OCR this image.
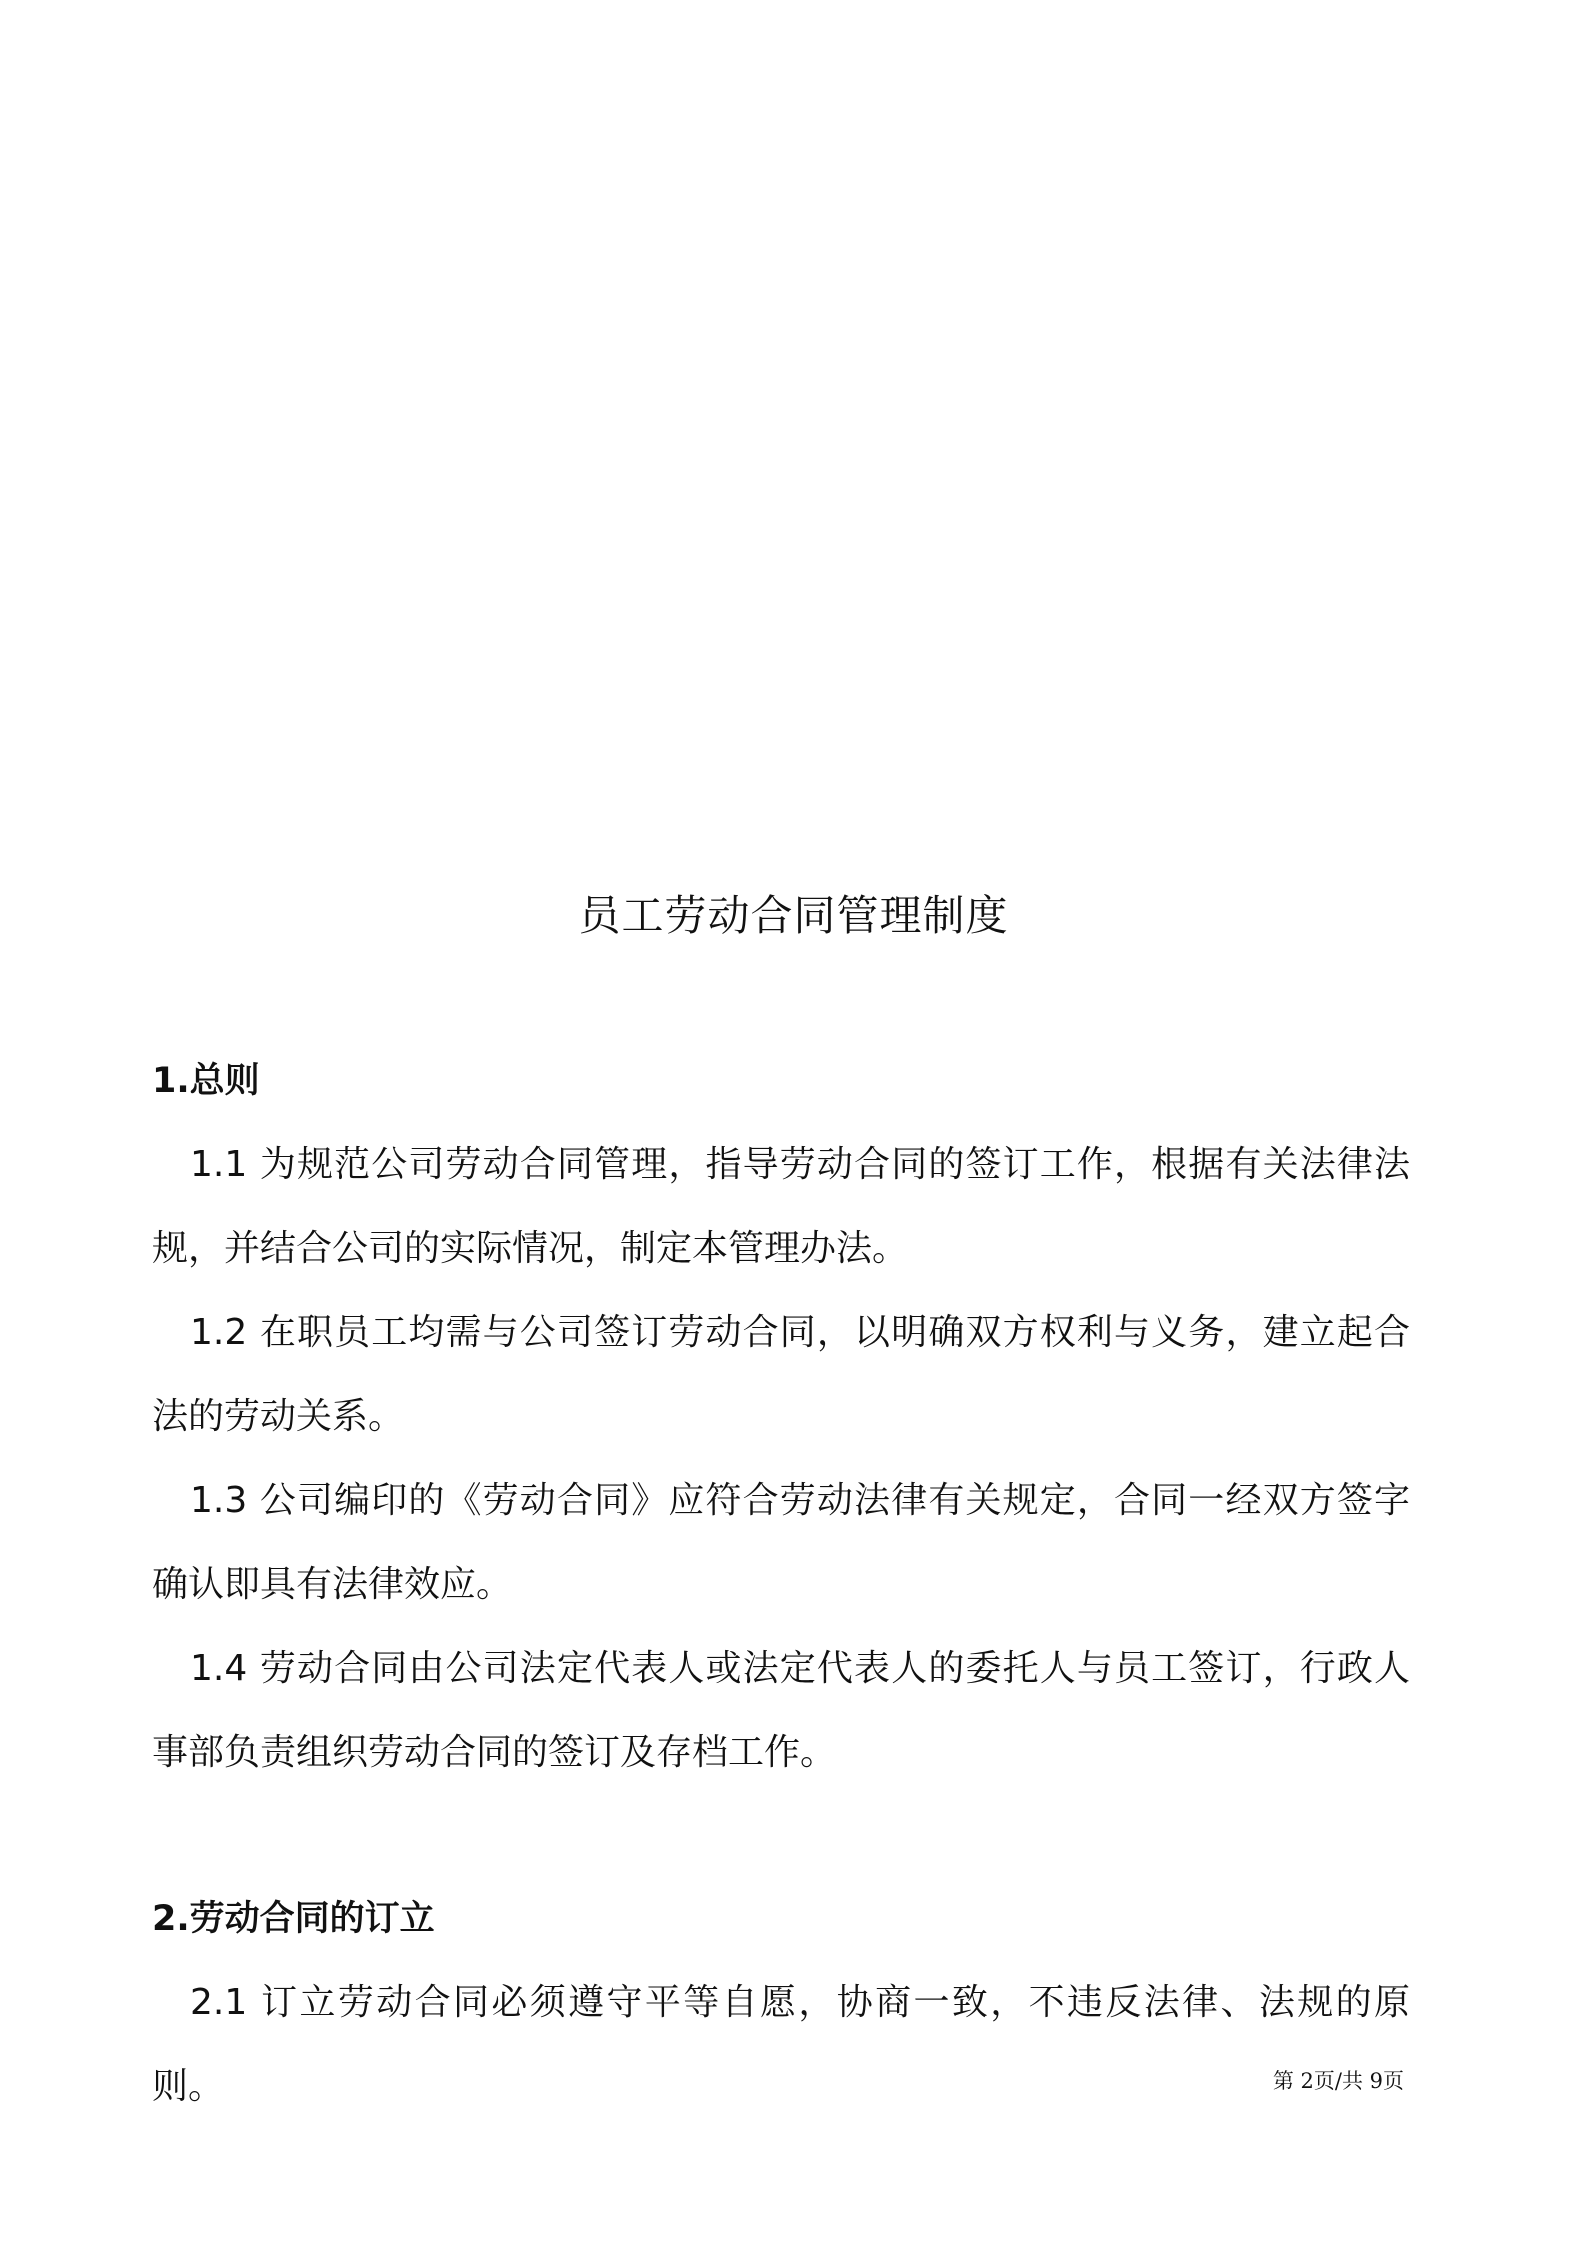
员工劳动合同管理制度
1.总则
1.1 为规范公司劳动合同管理，指导劳动合同的签订工作，根据有关法律法规，并结合公司的实际情况，制定本管理办法。
1.2 在职员工均需与公司签订劳动合同，以明确双方权利与义务，建立起合法的劳动关系。
1.3 公司编印的《劳动合同》应符合劳动法律有关规定，合同一经双方签字确认即具有法律效应。
1.4 劳动合同由公司法定代表人或法定代表人的委托人与员工签订，行政人事部负责组织劳动合同的签订及存档工作。
2.劳动合同的订立
2.1 订立劳动合同必须遵守平等自愿，协商一致，不违反法律、法规的原则。	第 2页/共 9页
